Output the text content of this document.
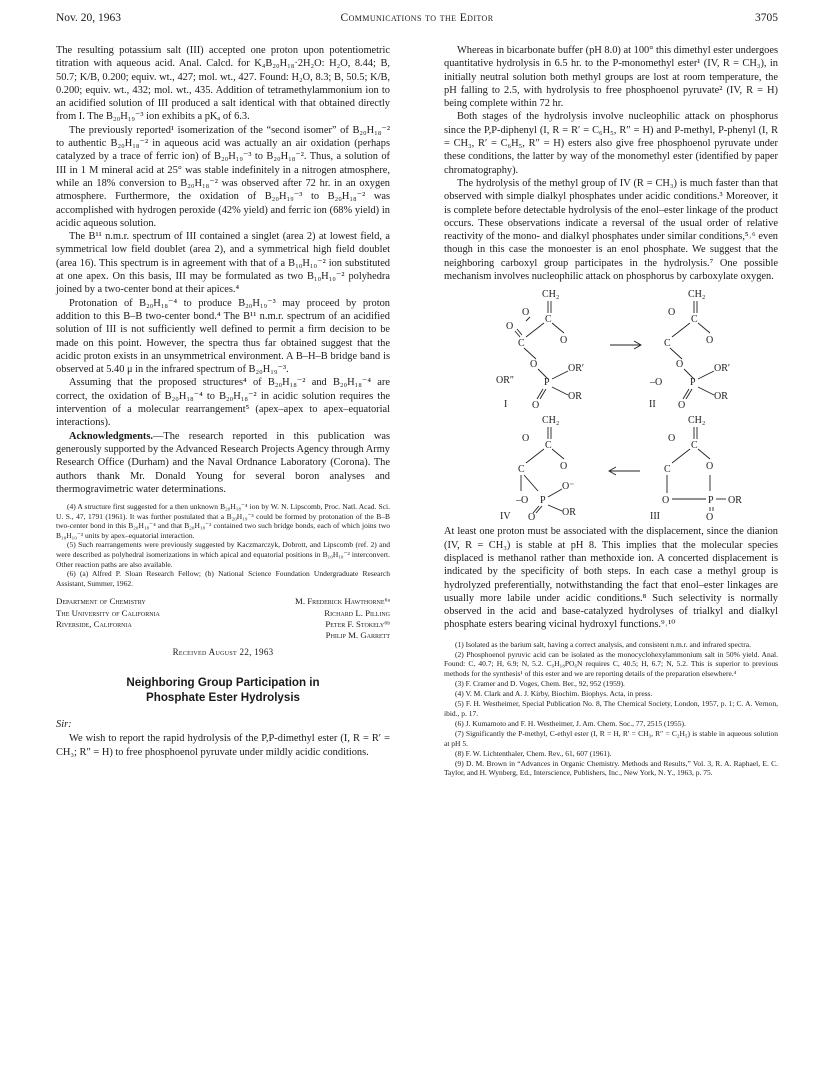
Nov. 20, 1963	Communications to the Editor	3705

The resulting potassium salt (III) accepted one proton upon potentiometric titration with aqueous acid. Anal. Calcd. for K₄B₂₀H₁₈·2H₂O: H₂O, 8.44; B, 50.7; K/B, 0.200; equiv. wt., 427; mol. wt., 427. Found: H₂O, 8.3; B, 50.5; K/B, 0.200; equiv. wt., 432; mol. wt., 435. Addition of tetramethylammonium ion to an acidified solution of III produced a salt identical with that obtained directly from I. The B₂₀H₁₉⁻³ ion exhibits a pKₐ of 6.3.

The previously reported¹ isomerization of the “second isomer” of B₂₀H₁₈⁻² to authentic B₂₀H₁₈⁻² in aqueous acid was actually an air oxidation (perhaps catalyzed by a trace of ferric ion) of B₂₀H₁₉⁻³ to B₂₀H₁₈⁻². Thus, a solution of III in 1 M mineral acid at 25° was stable indefinitely in a nitrogen atmosphere, while an 18% conversion to B₂₀H₁₈⁻² was observed after 72 hr. in an oxygen atmosphere. Furthermore, the oxidation of B₂₀H₁₉⁻³ to B₂₀H₁₈⁻² was accomplished with hydrogen peroxide (42% yield) and ferric ion (68% yield) in acidic aqueous solution.

The B¹¹ n.m.r. spectrum of III contained a singlet (area 2) at lowest field, a symmetrical low field doublet (area 2), and a symmetrical high field doublet (area 16). This spectrum is in agreement with that of a B₁₀H₁₀⁻² ion substituted at one apex. On this basis, III may be formulated as two B₁₀H₁₀⁻² polyhedra joined by a two-center bond at their apices.⁴

Protonation of B₂₀H₁₈⁻⁴ to produce B₂₀H₁₉⁻³ may proceed by proton addition to this B–B two-center bond.⁴ The B¹¹ n.m.r. spectrum of an acidified solution of III is not sufficiently well defined to permit a firm decision to be made on this point. However, the spectra thus far obtained suggest that the acidic proton exists in an unsymmetrical environment. A B–H–B bridge band is observed at 5.40 μ in the infrared spectrum of B₂₀H₁₉⁻³.

Assuming that the proposed structures⁴ of B₂₀H₁₈⁻² and B₂₀H₁₈⁻⁴ are correct, the oxidation of B₂₀H₁₈⁻⁴ to B₂₀H₁₈⁻² in acidic solution requires the intervention of a molecular rearrangement⁵ (apex–apex to apex–equatorial interactions).

Acknowledgments.—The research reported in this publication was generously supported by the Advanced Research Projects Agency through Army Research Office (Durham) and the Naval Ordnance Laboratory (Corona). The authors thank Mr. Donald Young for several boron analyses and thermogravimetric water determinations.

(4) A structure first suggested for a then unknown B₂₀H₁₈⁻⁴ ion by W. N. Lipscomb, Proc. Natl. Acad. Sci. U. S., 47, 1791 (1961). It was further postulated that a B₂₀H₁₉⁻³ could be formed by protonation of the B–B two-center bond in this B₂₀H₁₈⁻⁴ and that B₂₀H₁₈⁻² contained two such bridge bonds, each of which joins two B₁₀H₁₀⁻² units by apex–equatorial interaction.

(5) Such rearrangements were previously suggested by Kaczmarczyk, Dobrott, and Lipscomb (ref. 2) and were described as polyhedral isomerizations in which apical and equatorial positions in B₁₀H₁₀⁻² interconvert. Other reaction paths are also available.

(6) (a) Alfred P. Sloan Research Fellow; (b) National Science Foundation Undergraduate Research Assistant, Summer, 1962.

Department of Chemistry
The University of California
Riverside, California
M. Frederick Hawthorne⁶ᵃ
Richard L. Pilling
Peter F. Stokely⁶ᵇ
Philip M. Garrett
Received August 22, 1963
Neighboring Group Participation in
Phosphate Ester Hydrolysis
Sir:

We wish to report the rapid hydrolysis of the P,P-dimethyl ester (I, R = R′ = CH₃; R″ = H) to free phosphoenol pyruvate under mildly acidic conditions.

Whereas in bicarbonate buffer (pH 8.0) at 100° this dimethyl ester undergoes quantitative hydrolysis in 6.5 hr. to the P-monomethyl ester¹ (IV, R = CH₃), in initially neutral solution both methyl groups are lost at room temperature, the pH falling to 2.5, with hydrolysis to free phosphoenol pyruvate² (IV, R = H) being complete within 72 hr.

Both stages of the hydrolysis involve nucleophilic attack on phosphorus since the P,P-diphenyl (I, R = R′ = C₆H₅, R″ = H) and P-methyl, P-phenyl (I, R = CH₃, R′ = C₆H₅, R″ = H) esters also give free phosphoenol pyruvate under these conditions, the latter by way of the monomethyl ester (identified by paper chromatography).

The hydrolysis of the methyl group of IV (R = CH₃) is much faster than that observed with simple dialkyl phosphates under acidic conditions.³ Moreover, it is complete before detectable hydrolysis of the enol–ester linkage of the product occurs. These observations indicate a reversal of the usual order of relative reactivity of the mono- and dialkyl phosphates under similar conditions,⁵˒⁶ even though in this case the monoester is an enol phosphate. We suggest that the neighboring carboxyl group participates in the hydrolysis.⁷ One possible mechanism involves nucleophilic attack on phosphorus by carboxylate oxygen.

CH₂
C
O
O
C
O
O
OR″	P
OR′
OR
I O
CH₂
C
O
O
C
O
–O	P
OR′
OR
II O
CH₂
C
O
O
C
–O P
O⁻
OR
IV O
CH₂
C
O
O
C
O	P OR
III	O

At least one proton must be associated with the displacement, since the dianion (IV, R = CH₃) is stable at pH 8. This implies that the molecular species displaced is methanol rather than methoxide ion. A concerted displacement is indicated by the specificity of both steps. In each case a methyl group is hydrolyzed preferentially, notwithstanding the fact that enol–ester linkages are usually more labile under acidic conditions.⁸ Such selectivity is normally observed in the acid and base-catalyzed hydrolyses of trialkyl and dialkyl phosphate esters bearing vicinal hydroxyl functions.⁹˒¹⁰

(1) Isolated as the barium salt, having a correct analysis, and consistent n.m.r. and infrared spectra.

(2) Phosphoenol pyruvic acid can be isolated as the monocyclohexylammonium salt in 50% yield. Anal. Found: C, 40.7; H, 6.9; N, 5.2. C₉H₁₈PO₆N requires C, 40.5; H, 6.7; N, 5.2. This is superior to previous methods for the synthesis¹ of this ester and we are reporting details of the preparation elsewhere.⁴

(3) F. Cramer and D. Voges, Chem. Ber., 92, 952 (1959).

(4) V. M. Clark and A. J. Kirby, Biochim. Biophys. Acta, in press.

(5) F. H. Westheimer, Special Publication No. 8, The Chemical Society, London, 1957, p. 1; C. A. Vernon, ibid., p. 17.

(6) J. Kumamoto and F. H. Westheimer, J. Am. Chem. Soc., 77, 2515 (1955).

(7) Significantly the P-methyl, C-ethyl ester (I, R = H, R′ = CH₃, R″ = C₂H₅) is stable in aqueous solution at pH 5.

(8) F. W. Lichtenthaler, Chem. Rev., 61, 607 (1961).

(9) D. M. Brown in “Advances in Organic Chemistry. Methods and Results,” Vol. 3, R. A. Raphael, E. C. Taylor, and H. Wynberg, Ed., Interscience, Publishers, Inc., New York, N. Y., 1963, p. 75.
